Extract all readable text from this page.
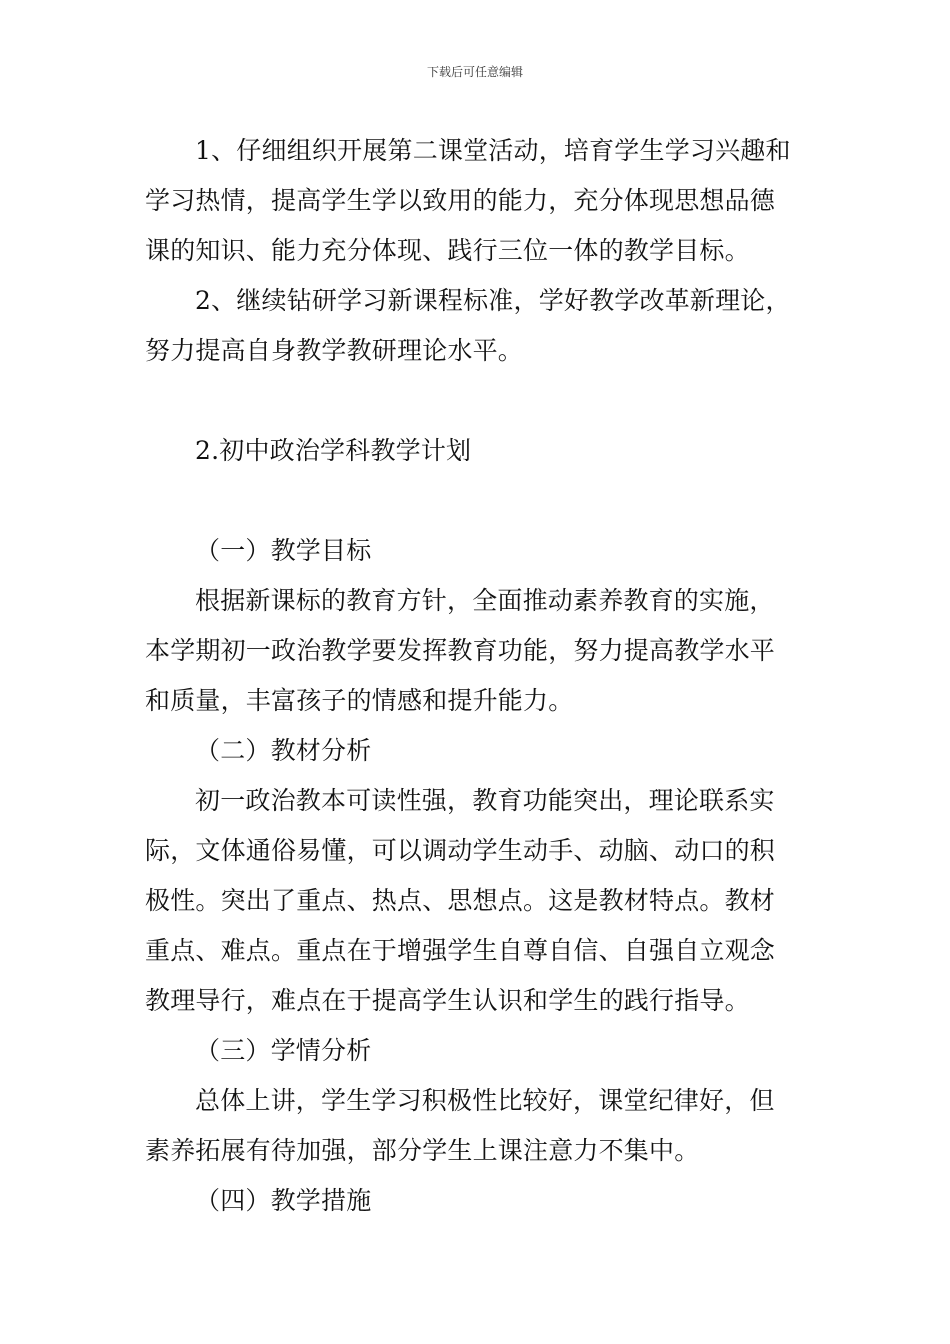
下载后可任意编辑
1、仔细组织开展第二课堂活动，培育学生学习兴趣和
学习热情，提高学生学以致用的能力，充分体现思想品德
课的知识、能力充分体现、践行三位一体的教学目标。
2、继续钻研学习新课程标准，学好教学改革新理论，
努力提高自身教学教研理论水平。
2.初中政治学科教学计划
（一）教学目标
根据新课标的教育方针，全面推动素养教育的实施，
本学期初一政治教学要发挥教育功能，努力提高教学水平
和质量，丰富孩子的情感和提升能力。
（二）教材分析
初一政治教本可读性强，教育功能突出，理论联系实
际，文体通俗易懂，可以调动学生动手、动脑、动口的积
极性。突出了重点、热点、思想点。这是教材特点。教材
重点、难点。重点在于增强学生自尊自信、自强自立观念
教理导行，难点在于提高学生认识和学生的践行指导。
（三）学情分析
总体上讲，学生学习积极性比较好，课堂纪律好，但
素养拓展有待加强，部分学生上课注意力不集中。
（四）教学措施
